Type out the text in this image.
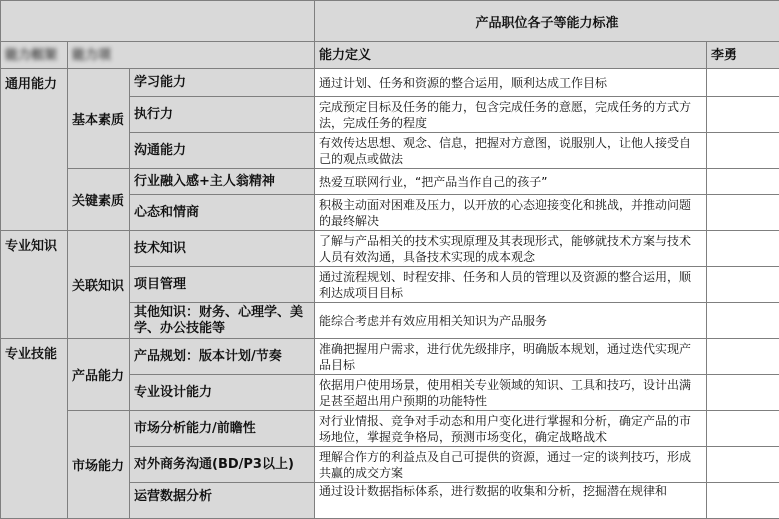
			产品职位各子等能力标准	
能力框架	能力项		能力定义	李勇
通用能力	基本素质	学习能力	通过计划、任务和资源的整合运用，顺利达成工作目标	
		执行力	完成预定目标及任务的能力，包含完成任务的意愿，完成任务的方式方法，完成任务的程度	
		沟通能力	有效传达思想、观念、信息，把握对方意图，说服别人，让他人接受自己的观点或做法	
	关键素质	行业融入感+主人翁精神	热爱互联网行业，“把产品当作自己的孩子”	
		心态和情商	积极主动面对困难及压力，以开放的心态迎接变化和挑战，并推动问题的最终解决	
专业知识	关联知识	技术知识	了解与产品相关的技术实现原理及其表现形式，能够就技术方案与技术人员有效沟通，具备技术实现的成本观念	
		项目管理	通过流程规划、时程安排、任务和人员的管理以及资源的整合运用，顺利达成项目目标	
		其他知识：财务、心理学、美学、办公技能等	能综合考虑并有效应用相关知识为产品服务	
专业技能	产品能力	产品规划：版本计划/节奏	准确把握用户需求，进行优先级排序，明确版本规划，通过迭代实现产品目标	
		专业设计能力	依据用户使用场景，使用相关专业领域的知识、工具和技巧，设计出满足甚至超出用户预期的功能特性	
	市场能力	市场分析能力/前瞻性	对行业情报、竞争对手动态和用户变化进行掌握和分析，确定产品的市场地位，掌握竞争格局，预测市场变化，确定战略战术	
		对外商务沟通(BD/P3以上)	理解合作方的利益点及自己可提供的资源，通过一定的谈判技巧，形成共赢的成交方案	
		运营数据分析	通过设计数据指标体系，进行数据的收集和分析，挖掘潜在规律和	
